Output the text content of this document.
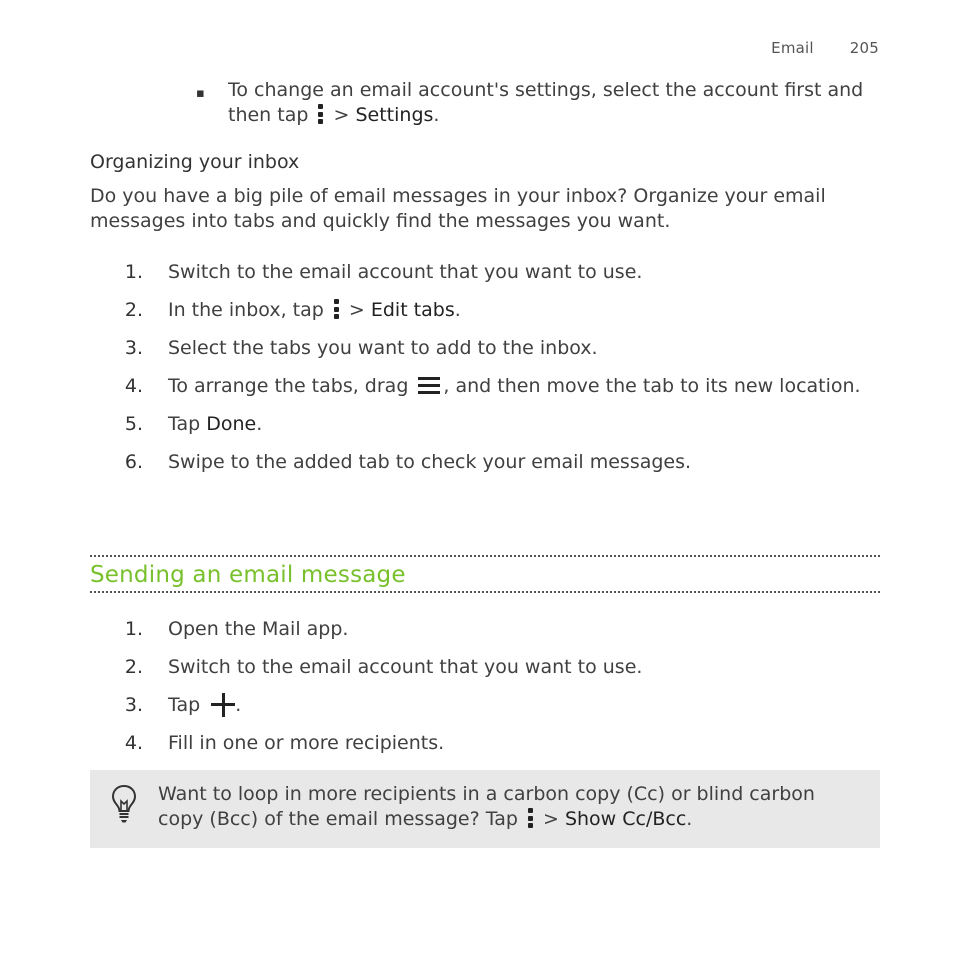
Email 205
▪ To change an email account's settings, select the account first and then tap
> Settings.
Organizing your inbox
Do you have a big pile of email messages in your inbox? Organize your email messages into tabs and quickly find the messages you want.
1. Switch to the email account that you want to use.
2. In the inbox, tap
> Edit tabs.
3. Select the tabs you want to add to the inbox.
4. To arrange the tabs, drag
, and then move the tab to its new location.
5. Tap Done.
6. Swipe to the added tab to check your email messages.
Sending an email message
1. Open the Mail app.
2. Switch to the email account that you want to use.
3. Tap .
4. Fill in one or more recipients.
Want to loop in more recipients in a carbon copy (Cc) or blind carbon copy (Bcc) of the email message? Tap
> Show Cc/Bcc.
